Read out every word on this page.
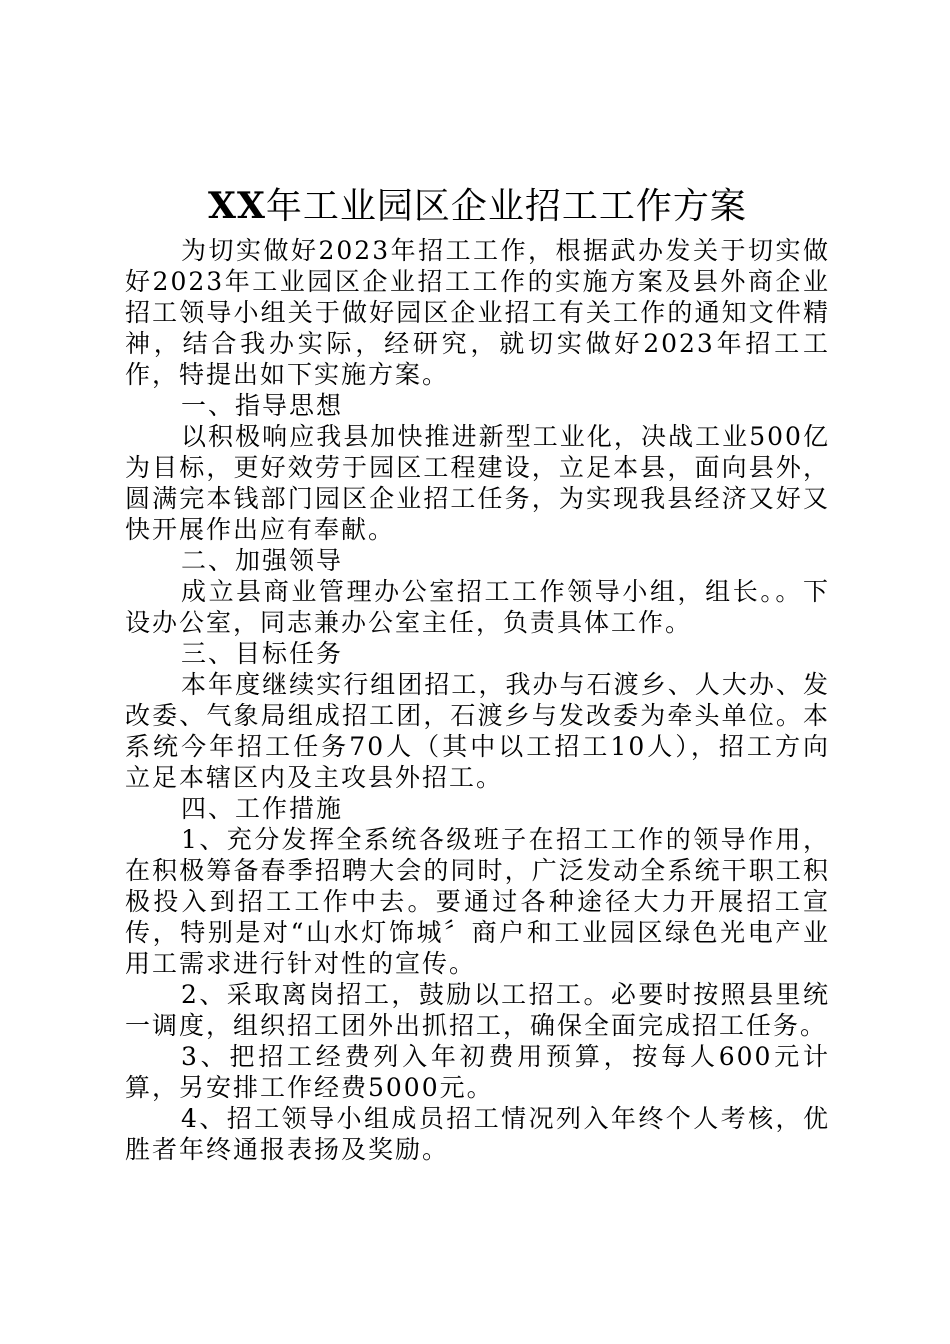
XX年工业园区企业招工工作方案

为切实做好2023年招工工作，根据武办发关于切实做好2023年工业园区企业招工工作的实施方案及县外商企业招工领导小组关于做好园区企业招工有关工作的通知文件精神，结合我办实际，经研究，就切实做好2023年招工工作，特提出如下实施方案。

一、指导思想

以积极响应我县加快推进新型工业化，决战工业500亿为目标，更好效劳于园区工程建设，立足本县，面向县外，圆满完本钱部门园区企业招工任务，为实现我县经济又好又快开展作出应有奉献。

二、加强领导

成立县商业管理办公室招工工作领导小组，组长。。下设办公室，同志兼办公室主任，负责具体工作。

三、目标任务

本年度继续实行组团招工，我办与石渡乡、人大办、发改委、气象局组成招工团，石渡乡与发改委为牵头单位。本系统今年招工任务70人（其中以工招工10人），招工方向立足本辖区内及主攻县外招工。

四、工作措施

1、充分发挥全系统各级班子在招工工作的领导作用，在积极筹备春季招聘大会的同时，广泛发动全系统干职工积极投入到招工工作中去。要通过各种途径大力开展招工宣传，特别是对“山水灯饰城〞商户和工业园区绿色光电产业用工需求进行针对性的宣传。

2、采取离岗招工，鼓励以工招工。必要时按照县里统一调度，组织招工团外出抓招工，确保全面完成招工任务。

3、把招工经费列入年初费用预算，按每人600元计算，另安排工作经费5000元。

4、招工领导小组成员招工情况列入年终个人考核，优胜者年终通报表扬及奖励。
